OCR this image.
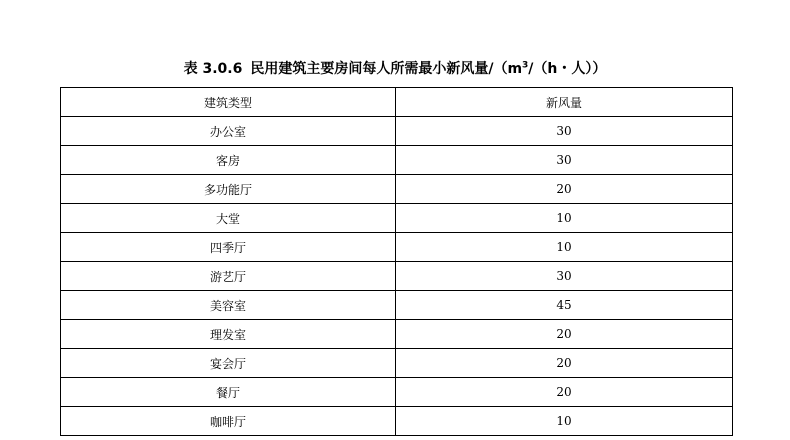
表 3.0.6 民用建筑主要房间每人所需最小新风量$/(m^3/(h$・人））
建筑类型	新风量
办公室	30
客房	30
多功能厅	20
大堂	10
四季厅	10
游艺厅	30
美容室	45
理发室	20
宴会厅	20
餐厅	20
咖啡厅	10
